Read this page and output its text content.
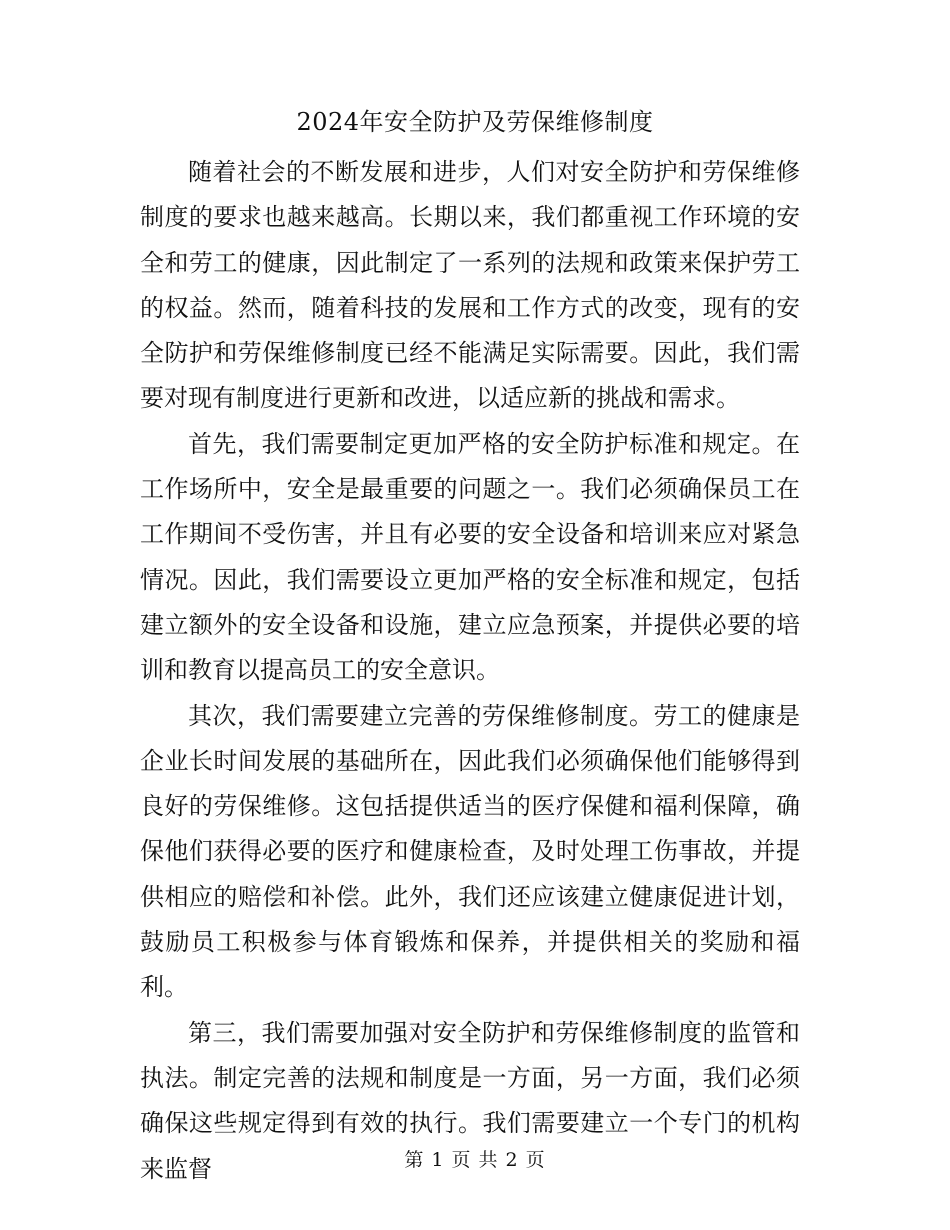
2024年安全防护及劳保维修制度

随着社会的不断发展和进步，人们对安全防护和劳保维修制度的要求也越来越高。长期以来，我们都重视工作环境的安全和劳工的健康，因此制定了一系列的法规和政策来保护劳工的权益。然而，随着科技的发展和工作方式的改变，现有的安全防护和劳保维修制度已经不能满足实际需要。因此，我们需要对现有制度进行更新和改进，以适应新的挑战和需求。

首先，我们需要制定更加严格的安全防护标准和规定。在工作场所中，安全是最重要的问题之一。我们必须确保员工在工作期间不受伤害，并且有必要的安全设备和培训来应对紧急情况。因此，我们需要设立更加严格的安全标准和规定，包括建立额外的安全设备和设施，建立应急预案，并提供必要的培训和教育以提高员工的安全意识。

其次，我们需要建立完善的劳保维修制度。劳工的健康是企业长时间发展的基础所在，因此我们必须确保他们能够得到良好的劳保维修。这包括提供适当的医疗保健和福利保障，确保他们获得必要的医疗和健康检查，及时处理工伤事故，并提供相应的赔偿和补偿。此外，我们还应该建立健康促进计划，鼓励员工积极参与体育锻炼和保养，并提供相关的奖励和福利。

第三，我们需要加强对安全防护和劳保维修制度的监管和执法。制定完善的法规和制度是一方面，另一方面，我们必须确保这些规定得到有效的执行。我们需要建立一个专门的机构来监督	第 1 页 共 2 页
